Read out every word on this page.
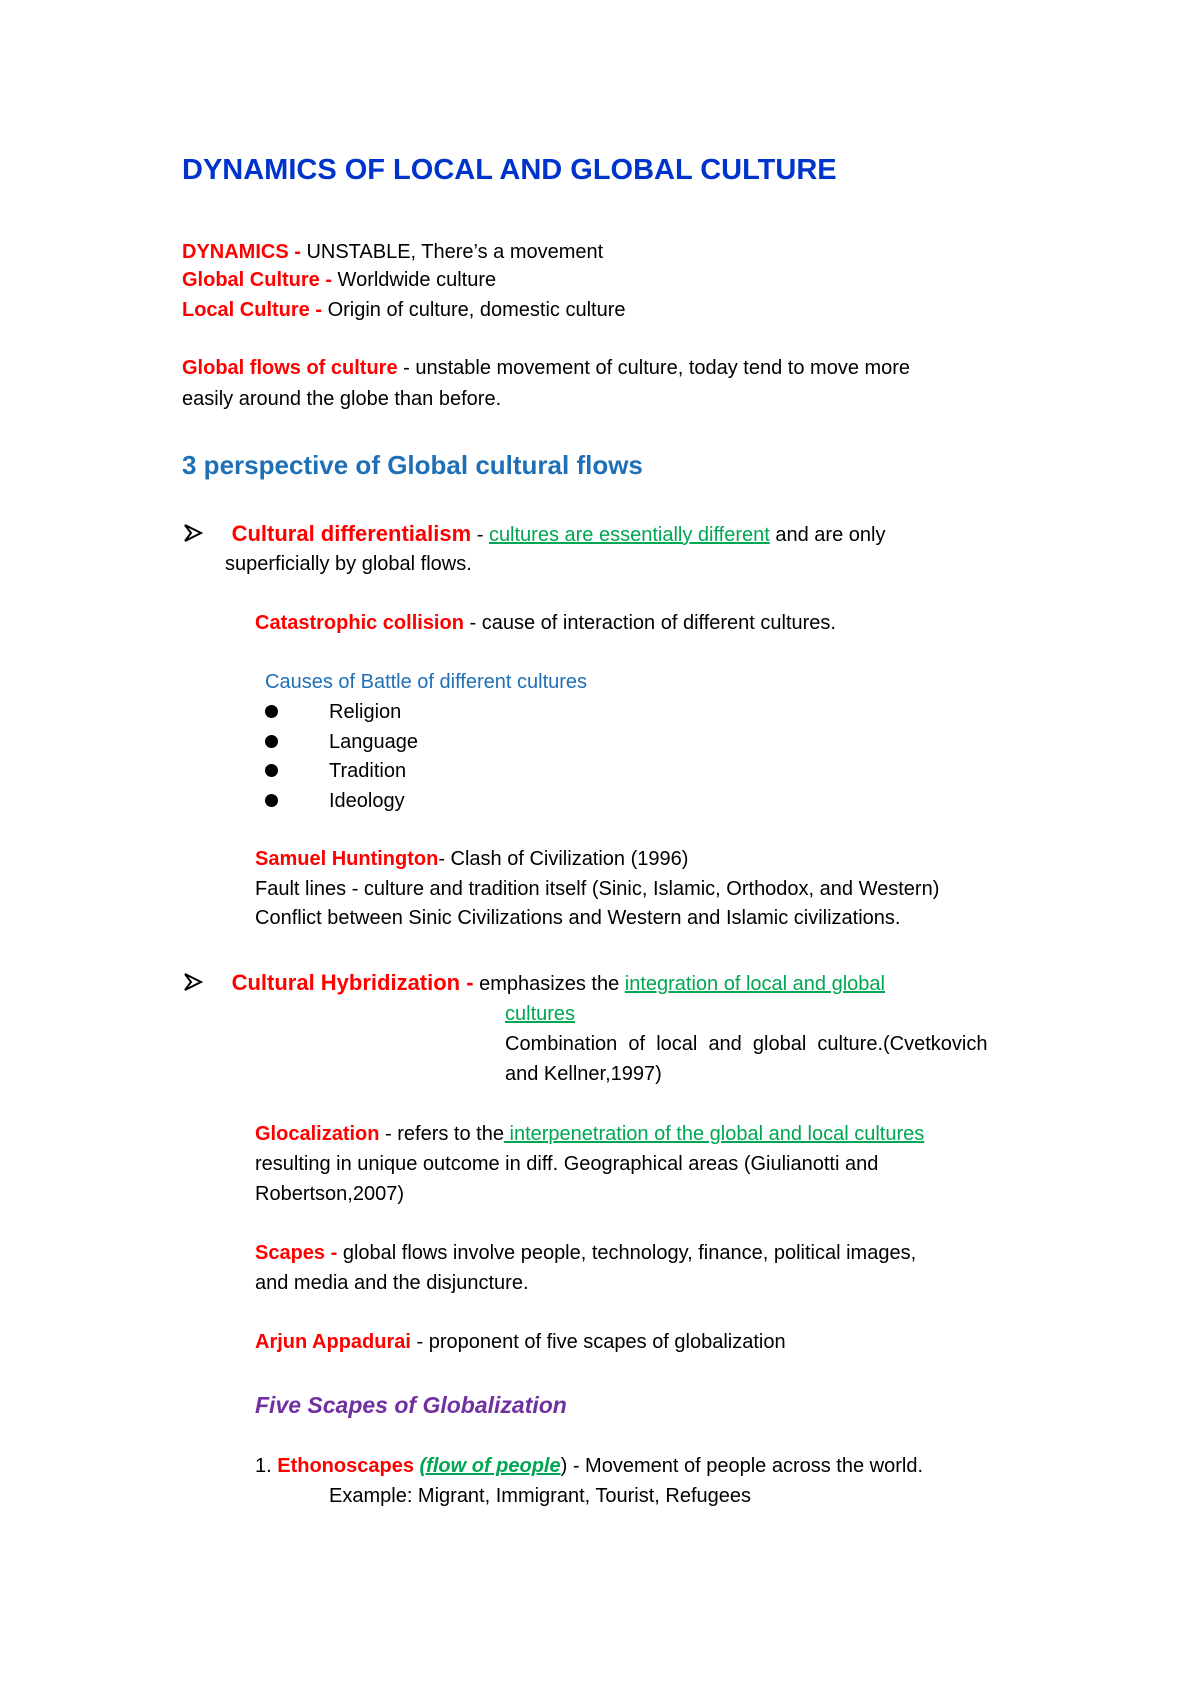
DYNAMICS OF LOCAL AND GLOBAL CULTURE
DYNAMICS - UNSTABLE, There’s a movement
Global Culture - Worldwide culture
Local Culture - Origin of culture, domestic culture
Global flows of culture - unstable movement of culture, today tend to move more
easily around the globe than before.
3 perspective of Global cultural flows
Cultural differentialism - cultures are essentially different and are only
superficially by global flows.
Catastrophic collision - cause of interaction of different cultures.
Causes of Battle of different cultures
Religion
Language
Tradition
Ideology
Samuel Huntington- Clash of Civilization (1996)
Fault lines - culture and tradition itself (Sinic, Islamic, Orthodox, and Western)
Conflict between Sinic Civilizations and Western and Islamic civilizations.
Cultural Hybridization - emphasizes the integration of local and global
cultures
Combination  of  local  and  global  culture.(Cvetkovich
and Kellner,1997)
Glocalization - refers to the interpenetration of the global and local cultures
resulting in unique outcome in diff. Geographical areas (Giulianotti and
Robertson,2007)
Scapes - global flows involve people, technology, finance, political images,
and media and the disjuncture.
Arjun Appadurai - proponent of five scapes of globalization
Five Scapes of Globalization
1. Ethonoscapes (flow of people) - Movement of people across the world.
Example: Migrant, Immigrant, Tourist, Refugees
